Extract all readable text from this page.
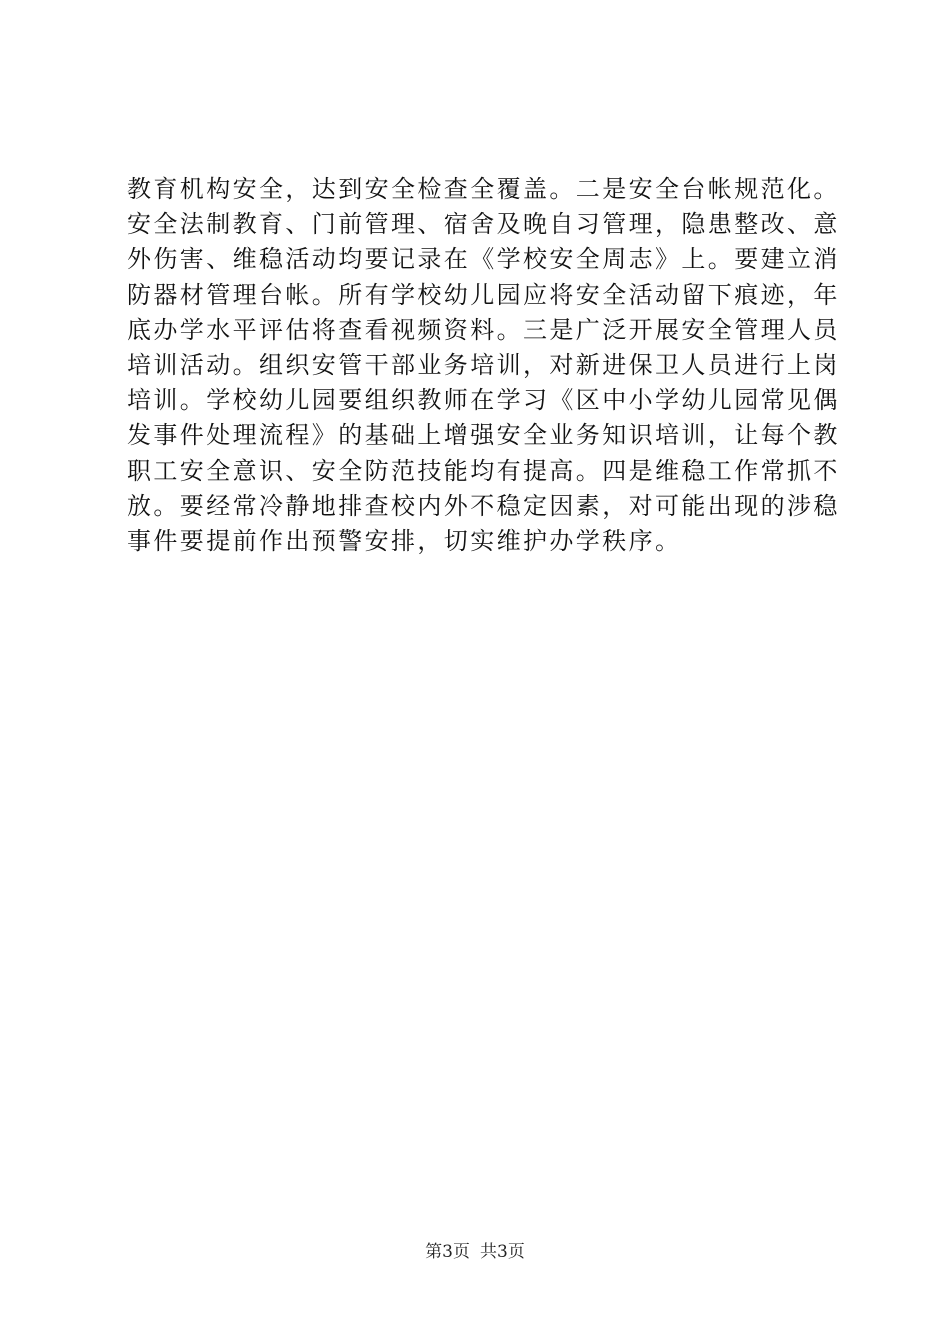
教育机构安全，达到安全检查全覆盖。二是安全台帐规范化。
安全法制教育、门前管理、宿舍及晚自习管理，隐患整改、意
外伤害、维稳活动均要记录在《学校安全周志》上。要建立消
防器材管理台帐。所有学校幼儿园应将安全活动留下痕迹，年
底办学水平评估将查看视频资料。三是广泛开展安全管理人员
培训活动。组织安管干部业务培训，对新进保卫人员进行上岗
培训。学校幼儿园要组织教师在学习《区中小学幼儿园常见偶
发事件处理流程》的基础上增强安全业务知识培训，让每个教
职工安全意识、安全防范技能均有提高。四是维稳工作常抓不
放。要经常冷静地排查校内外不稳定因素，对可能出现的涉稳
事件要提前作出预警安排，切实维护办学秩序。
第3页 共3页
